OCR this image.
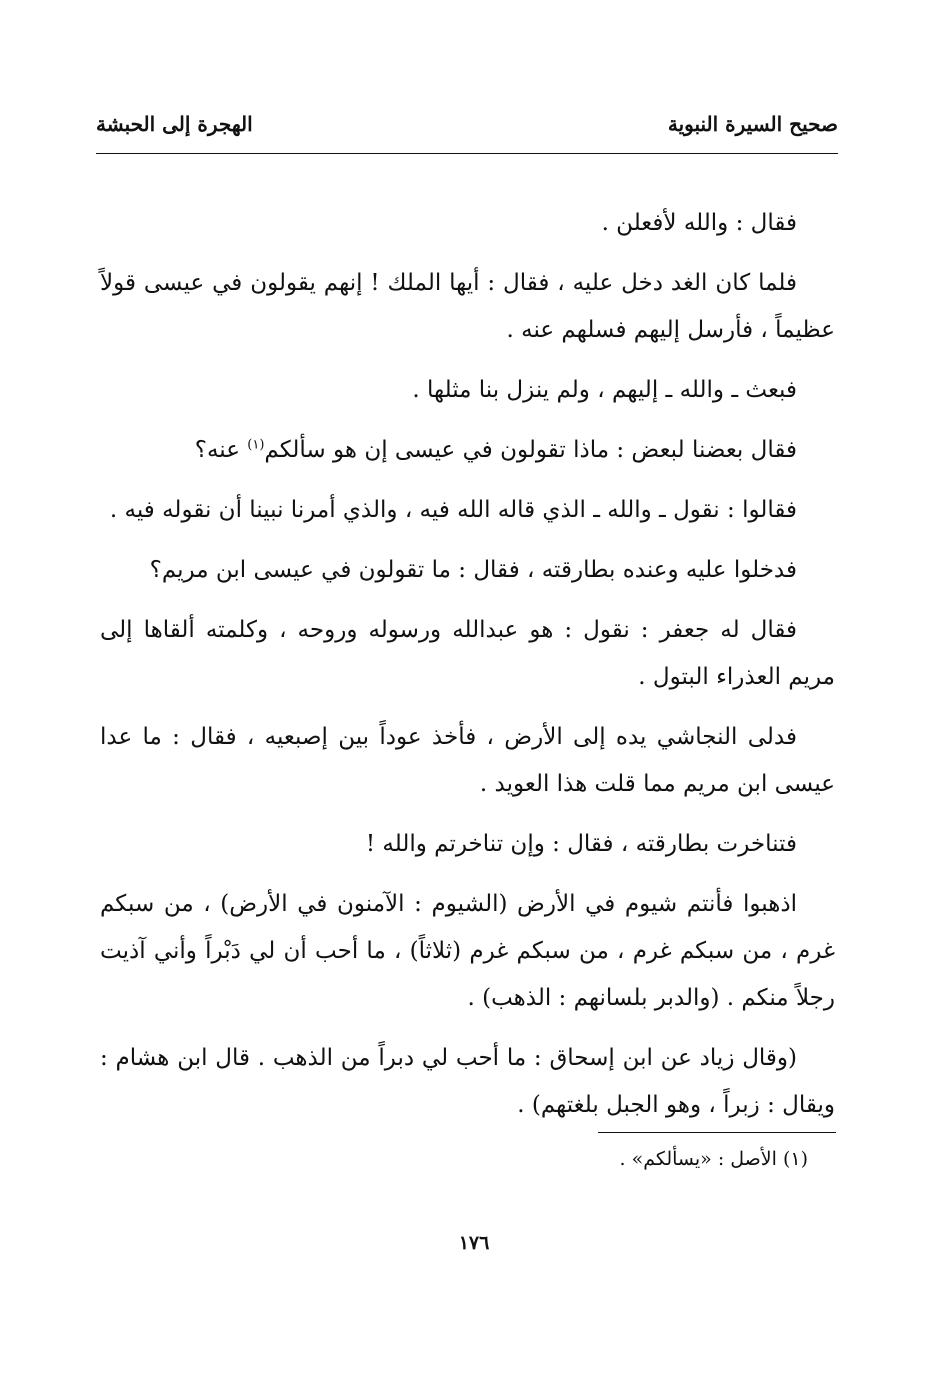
صحيح السيرة النبوية
الهجرة إلى الحبشة

فقال : والله لأفعلن .

فلما كان الغد دخل عليه ، فقال : أيها الملك ! إنهم يقولون في عيسى قولاً عظيماً ، فأرسل إليهم فسلهم عنه .

فبعث ـ والله ـ إليهم ، ولم ينزل بنا مثلها .

فقال بعضنا لبعض : ماذا تقولون في عيسى إن هو سألكم$^{(١)}$ عنه؟

فقالوا : نقول ـ والله ـ الذي قاله الله فيه ، والذي أمرنا نبينا أن نقوله فيه .

فدخلوا عليه وعنده بطارقته ، فقال : ما تقولون في عيسى ابن مريم؟

فقال له جعفر : نقول : هو عبدالله ورسوله وروحه ، وكلمته ألقاها إلى مريم العذراء البتول .

فدلى النجاشي يده إلى الأرض ، فأخذ عوداً بين إصبعيه ، فقال : ما عدا عيسى ابن مريم مما قلت هذا العويد .

فتناخرت بطارقته ، فقال : وإن تناخرتم والله !

اذهبوا فأنتم شيوم في الأرض (الشيوم : الآمنون في الأرض) ، من سبكم غرم ، من سبكم غرم ، من سبكم غرم (ثلاثاً) ، ما أحب أن لي دَبْراً وأني آذيت رجلاً منكم . (والدبر بلسانهم : الذهب) .

(وقال زياد عن ابن إسحاق : ما أحب لي دبراً من الذهب . قال ابن هشام : ويقال : زبراً ، وهو الجبل بلغتهم) .

(١) الأصل : «يسألكم» .
١٧٦
